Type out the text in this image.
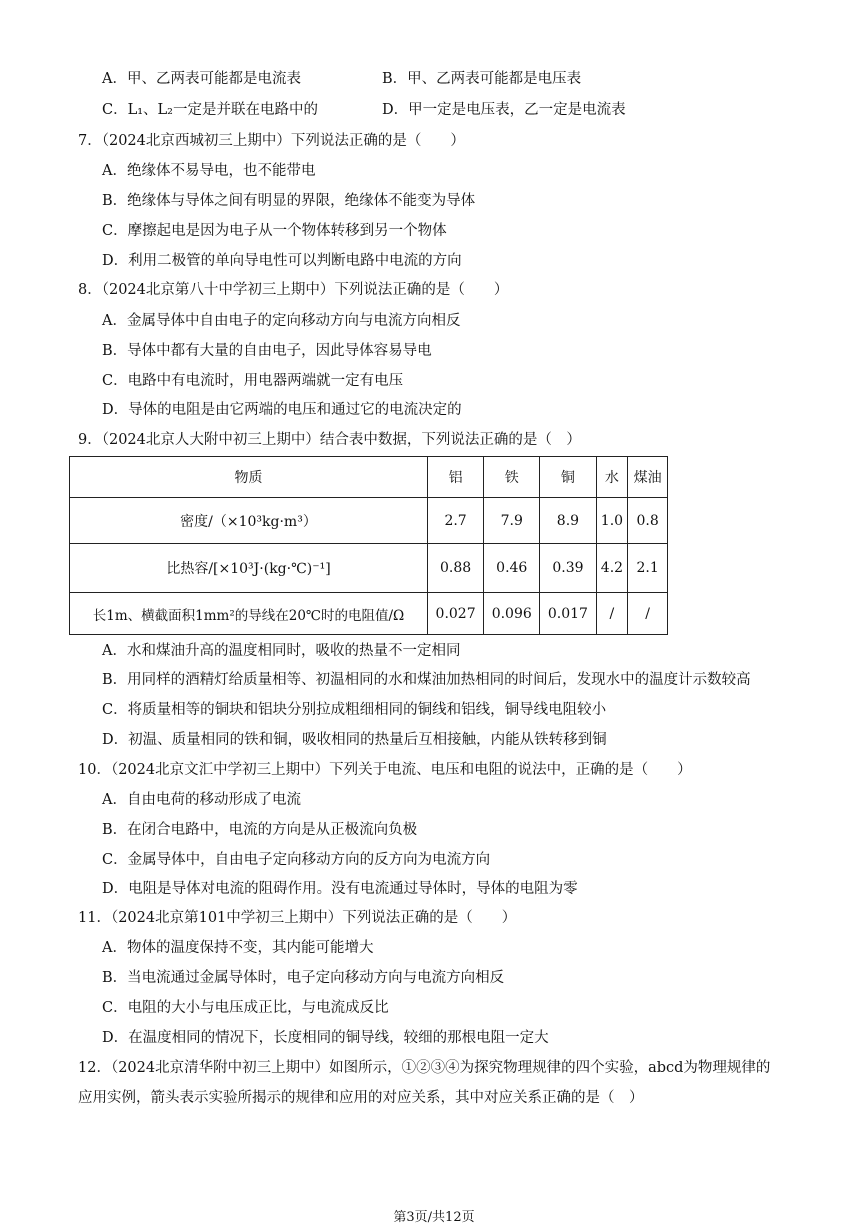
A．甲、乙两表可能都是电流表	B．甲、乙两表可能都是电压表
C．L₁、L₂一定是并联在电路中的	D．甲一定是电压表，乙一定是电流表
7．（2024北京西城初三上期中）下列说法正确的是（　　）
A．绝缘体不易导电，也不能带电
B．绝缘体与导体之间有明显的界限，绝缘体不能变为导体
C．摩擦起电是因为电子从一个物体转移到另一个物体
D．利用二极管的单向导电性可以判断电路中电流的方向
8．（2024北京第八十中学初三上期中）下列说法正确的是（　　）
A．金属导体中自由电子的定向移动方向与电流方向相反
B．导体中都有大量的自由电子，因此导体容易导电
C．电路中有电流时，用电器两端就一定有电压
D．导体的电阻是由它两端的电压和通过它的电流决定的
9．（2024北京人大附中初三上期中）结合表中数据，下列说法正确的是（　）
物质	铝	铁	铜	水	煤油
密度/（×10³kg·m³）	2.7	7.9	8.9	1.0	0.8
比热容/[×10³J·(kg·℃)⁻¹]	0.88	0.46	0.39	4.2	2.1
长1m、横截面积1mm²的导线在20℃时的电阻值/Ω	0.027	0.096	0.017	/	/
A．水和煤油升高的温度相同时，吸收的热量不一定相同
B．用同样的酒精灯给质量相等、初温相同的水和煤油加热相同的时间后，发现水中的温度计示数较高
C．将质量相等的铜块和铝块分别拉成粗细相同的铜线和铝线，铜导线电阻较小
D．初温、质量相同的铁和铜，吸收相同的热量后互相接触，内能从铁转移到铜
10．（2024北京文汇中学初三上期中）下列关于电流、电压和电阻的说法中，正确的是（　　）
A．自由电荷的移动形成了电流
B．在闭合电路中，电流的方向是从正极流向负极
C．金属导体中，自由电子定向移动方向的反方向为电流方向
D．电阻是导体对电流的阻碍作用。没有电流通过导体时，导体的电阻为零
11．（2024北京第101中学初三上期中）下列说法正确的是（　　）
A．物体的温度保持不变，其内能可能增大
B．当电流通过金属导体时，电子定向移动方向与电流方向相反
C．电阻的大小与电压成正比，与电流成反比
D．在温度相同的情况下，长度相同的铜导线，较细的那根电阻一定大
12．（2024北京清华附中初三上期中）如图所示，①②③④为探究物理规律的四个实验，abcd为物理规律的
应用实例，箭头表示实验所揭示的规律和应用的对应关系，其中对应关系正确的是（　）
第3页/共12页
